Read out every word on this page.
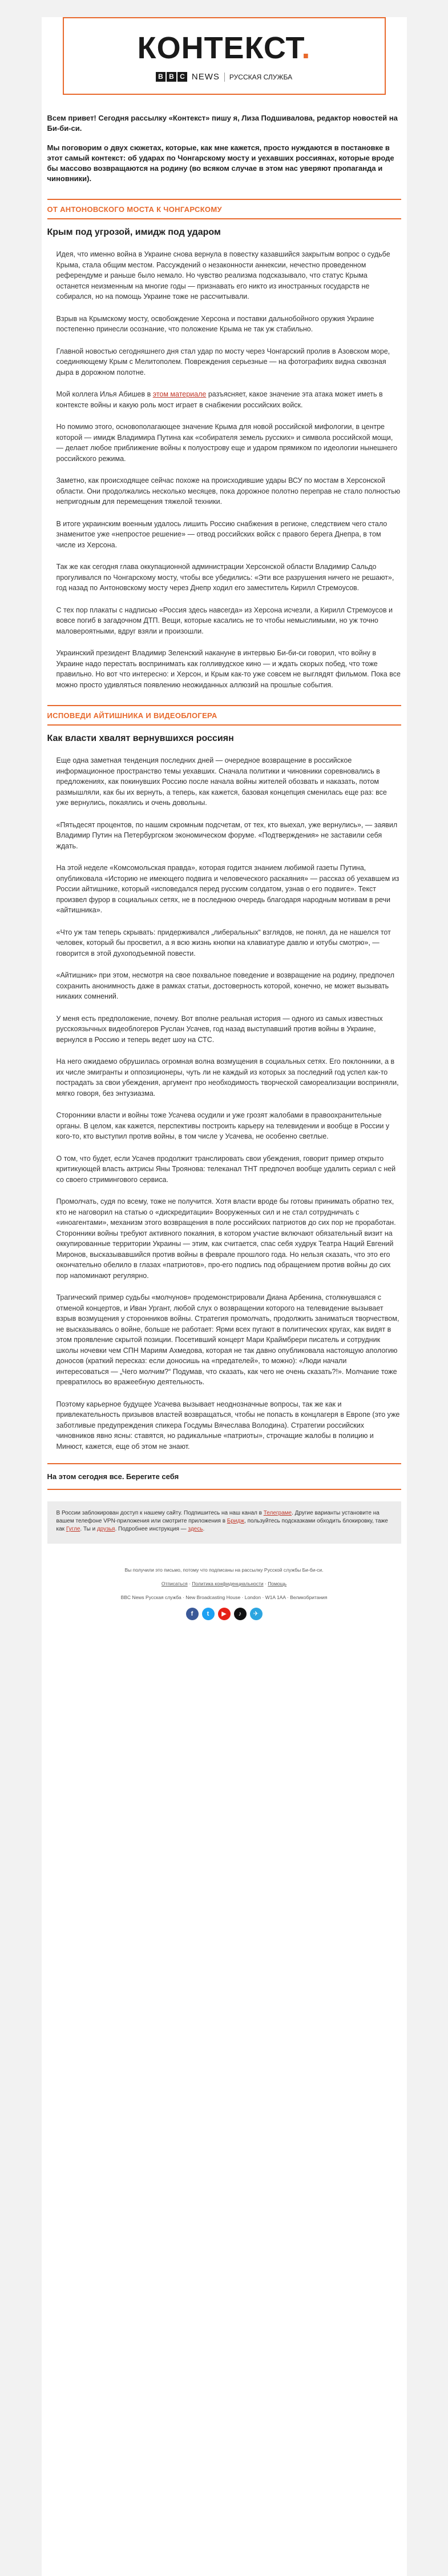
КОНТЕКСТ.
B B C NEWS РУССКАЯ СЛУЖБА

Всем привет! Сегодня рассылку «Контекст» пишу я, Лиза Подшивалова, редактор новостей на Би-би-си.

Мы поговорим о двух сюжетах, которые, как мне кажется, просто нуждаются в постановке в этот самый контекст: об ударах по Чонгарскому мосту и уехавших россиянах, которые вроде бы массово возвращаются на родину (во всяком случае в этом нас уверяют пропаганда и чиновники).

ОТ АНТОНОВСКОГО МОСТА К ЧОНГАРСКОМУ
Крым под угрозой, имидж под ударом

Идея, что именно война в Украине снова вернула в повестку казавшийся закрытым вопрос о судьбе Крыма, стала общим местом. Рассуждений о незаконности аннексии, нечестно проведенном референдуме и раньше было немало. Но чувство реализма подсказывало, что статус Крыма останется неизменным на многие годы — признавать его никто из иностранных государств не собирался, но на помощь Украине тоже не рассчитывали.

Взрыв на Крымскому мосту, освобождение Херсона и поставки дальнобойного оружия Украине постепенно принесли осознание, что положение Крыма не так уж стабильно.

Главной новостью сегодняшнего дня стал удар по мосту через Чонгарский пролив в Азовском море, соединяющему Крым с Мелитополем. Повреждения серьезные — на фотографиях видна сквозная дыра в дорожном полотне.

Мой коллега Илья Абишев в этом материале разъясняет, какое значение эта атака может иметь в контексте войны и какую роль мост играет в снабжении российских войск.

Но помимо этого, основополагающее значение Крыма для новой российской мифологии, в центре которой — имидж Владимира Путина как «собирателя земель русских» и символа российской мощи, — делает любое приближение войны к полуострову еще и ударом прямиком по идеологии нынешнего российского режима.

Заметно, как происходящее сейчас похоже на происходившие удары ВСУ по мостам в Херсонской области. Они продолжались несколько месяцев, пока дорожное полотно переправ не стало полностью непригодным для перемещения тяжелой техники.

В итоге украинским военным удалось лишить Россию снабжения в регионе, следствием чего стало знаменитое уже «непростое решение» — отвод российских войск с правого берега Днепра, в том числе из Херсона.

Так же как сегодня глава оккупационной администрации Херсонской области Владимир Сальдо прогуливался по Чонгарскому мосту, чтобы все убедились: «Эти все разрушения ничего не решают», год назад по Антоновскому мосту через Днепр ходил его заместитель Кирилл Стремоусов.

С тех пор плакаты с надписью «Россия здесь навсегда» из Херсона исчезли, а Кирилл Стремоусов и вовсе погиб в загадочном ДТП. Вещи, которые касались не то чтобы немыслимыми, но уж точно маловероятными, вдруг взяли и произошли.

Украинский президент Владимир Зеленский накануне в интервью Би-би-си говорил, что войну в Украине надо перестать воспринимать как голливудское кино — и ждать скорых побед, что тоже правильно. Но вот что интересно: и Херсон, и Крым как-то уже совсем не выглядят фильмом. Пока все можно просто удивляться появлению неожиданных аллюзий на прошлые события.

ИСПОВЕДИ АЙТИШНИКА И ВИДЕОБЛОГЕРА
Как власти хвалят вернувшихся россиян

Еще одна заметная тенденция последних дней — очередное возвращение в российское информационное пространство темы уехавших. Сначала политики и чиновники соревновались в предложениях, как покинувших Россию после начала войны жителей обозвать и наказать, потом размышляли, как бы их вернуть, а теперь, как кажется, базовая концепция сменилась еще раз: все уже вернулись, покаялись и очень довольны.

«Пятьдесят процентов, по нашим скромным подсчетам, от тех, кто выехал, уже вернулись», — заявил Владимир Путин на Петербургском экономическом форуме. «Подтверждения» не заставили себя ждать.

На этой неделе «Комсомольская правда», которая годится знанием любимой газеты Путина, опубликовала «Историю не имеющего подвига и человеческого раскаяния» — рассказ об уехавшем из России айтишнике, который «исповедался перед русским солдатом, узнав о его подвиге». Текст произвел фурор в социальных сетях, не в последнюю очередь благодаря народным мотивам в речи «айтишника».

«Что уж там теперь скрывать: придерживался „либеральных“ взглядов, не понял, да не нашелся тот человек, который бы просветил, а я всю жизнь кнопки на клавиатуре давлю и ютубы смотрю», — говорится в этой духоподъемной повести.

«Айтишник» при этом, несмотря на свое похвальное поведение и возвращение на родину, предпочел сохранить анонимность даже в рамках статьи, достоверность которой, конечно, не может вызывать никаких сомнений.

У меня есть предположение, почему. Вот вполне реальная история — одного из самых известных русскоязычных видеоблогеров Руслан Усачев, год назад выступавший против войны в Украине, вернулся в Россию и теперь ведет шоу на СТС.

На него ожидаемо обрушилась огромная волна возмущения в социальных сетях. Его поклонники, а в их числе эмигранты и оппозиционеры, чуть ли не каждый из которых за последний год успел как-то пострадать за свои убеждения, аргумент про необходимость творческой самореализации восприняли, мягко говоря, без энтузиазма.

Сторонники власти и войны тоже Усачева осудили и уже грозят жалобами в правоохранительные органы. В целом, как кажется, перспективы построить карьеру на телевидении и вообще в России у кого-то, кто выступил против войны, в том числе у Усачева, не особенно светлые.

О том, что будет, если Усачев продолжит транслировать свои убеждения, говорит пример открыто критикующей власть актрисы Яны Троянова: телеканал ТНТ предпочел вообще удалить сериал с ней со своего стримингового сервиса.

Промолчать, судя по всему, тоже не получится. Хотя власти вроде бы готовы принимать обратно тех, кто не наговорил на статью о «дискредитации» Вооруженных сил и не стал сотрудничать с «иноагентами», механизм этого возвращения в поле российских патриотов до сих пор не проработан. Сторонники войны требуют активного покаяния, в котором участие включают обязательный визит на оккупированные территории Украины — этим, как считается, спас себя худрук Театра Наций Евгений Миронов, высказывавшийся против войны в феврале прошлого года. Но нельзя сказать, что это его окончательно обелило в глазах «патриотов», про-его подпись под обращением против войны до сих пор напоминают регулярно.

Трагический пример судьбы «молчунов» продемонстрировали Диана Арбенина, столкнувшаяся с отменой концертов, и Иван Ургант, любой слух о возвращении которого на телевидение вызывает взрыв возмущения у сторонников войны. Стратегия промолчать, продолжить заниматься творчеством, не высказываясь о войне, больше не работает: Ярми всех пугают в политических кругах, как видят в этом проявление скрытой позиции. Посетивший концерт Мари Краймбрери писатель и сотрудник школы ночевки чем СПН Мариям Ахмедова, которая не так давно опубликовала настоящую апологию доносов (краткий пересказ: если доносишь на «предателей», то можно): «Люди начали интересоваться — „Чего молчим?“ Подумав, что сказать, как чего не очень сказать?!». Молчание тоже превратилось во вражеебную деятельность.

Поэтому карьерное будущее Усачева вызывает неоднозначные вопросы, так же как и привлекательность призывов властей возвращаться, чтобы не попасть в концлагеря в Европе (это уже заботливые предупреждения спикера Госдумы Вячеслава Володина). Стратегии российских чиновников явно ясны: ставятся, но радикальные «патриоты», строчащие жалобы в полицию и Минюст, кажется, еще об этом не знают.

На этом сегодня все. Берегите себя
В России заблокирован доступ к нашему сайту. Подпишитесь на наш канал в Телеграме. Другие варианты установите на вашем телефоне VPN-приложения или смотрите приложения в Бридж, пользуйтесь подсказками обходить блокировку, таже как Гугле. Ты и друзья. Подробнее инструкция — здесь.

Вы получили это письмо, потому что подписаны на рассылку Русской службы Би-би-си.

Отписаться · Политика конфиденциальности · Помощь

BBC News Русская служба · New Broadcasting House · London · W1A 1AA · Великобритания

f	t	▶	♪	✈
